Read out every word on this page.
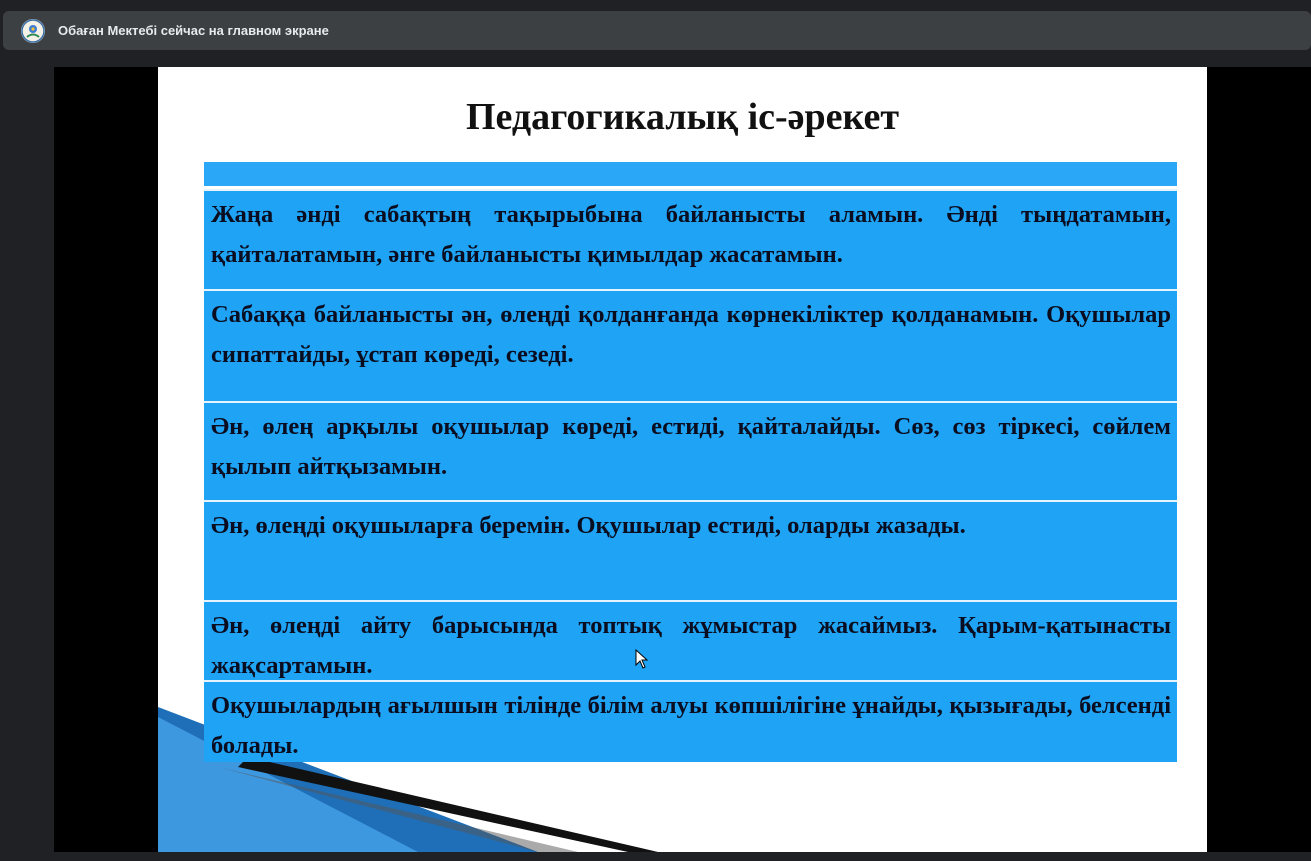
Обаған Мектебі сейчас на главном экране
Педагогикалық іс-әрекет
Жаңа әнді сабақтың тақырыбына байланысты аламын. Әнді тыңдатамын, қайталатамын, әнге байланысты қимылдар жасатамын.
Сабаққа байланысты ән, өлеңді қолданғанда көрнекіліктер қолданамын. Оқушылар сипаттайды, ұстап көреді, сезеді.
Ән, өлең арқылы оқушылар көреді, естиді, қайталайды. Сөз, сөз тіркесі, сөйлем қылып айтқызамын.
Ән, өлеңді оқушыларға беремін. Оқушылар естиді, оларды жазады.
Ән, өлеңді айту барысында топтық жұмыстар жасаймыз. Қарым-қатынасты жақсартамын.
Оқушылардың ағылшын тілінде білім алуы көпшілігіне ұнайды, қызығады, белсенді болады.
